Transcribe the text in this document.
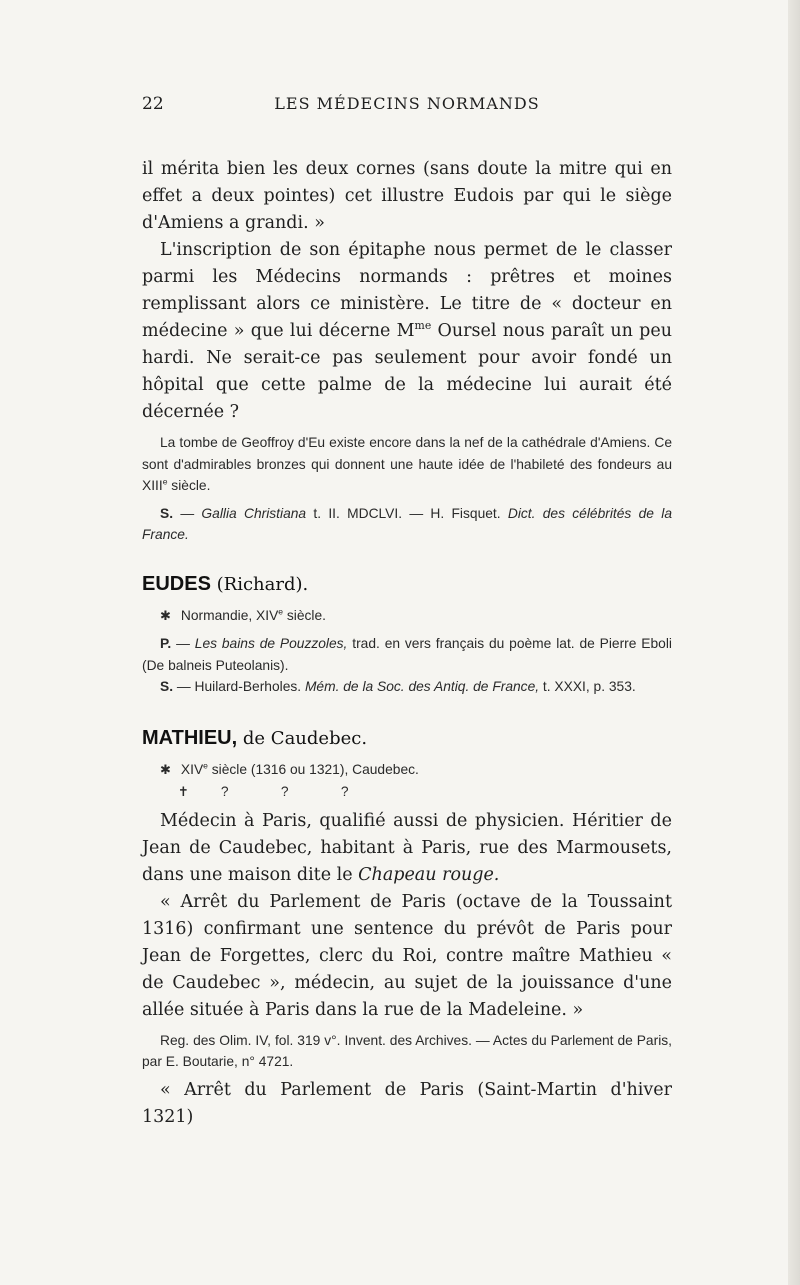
22	LES MÉDECINS NORMANDS

il mérita bien les deux cornes (sans doute la mitre qui en effet a deux pointes) cet illustre Eudois par qui le siège d'Amiens a grandi. »

L'inscription de son épitaphe nous permet de le classer parmi les Médecins normands : prêtres et moines remplissant alors ce ministère. Le titre de « docteur en médecine » que lui décerne $M^{me}$ Oursel nous paraît un peu hardi. Ne serait-ce pas seulement pour avoir fondé un hôpital que cette palme de la médecine lui aurait été décernée ?

La tombe de Geoffroy d'Eu existe encore dans la nef de la cathédrale d'Amiens. Ce sont d'admirables bronzes qui donnent une haute idée de l'habileté des fondeurs au XIIIe siècle.

S. — Gallia Christiana t. II. MDCLVI. — H. Fisquet. Dict. des célébrités de la France.

EUDES (Richard).

✱ Normandie, XIVe siècle.

P. — Les bains de Pouzzoles, trad. en vers français du poème lat. de Pierre Eboli (De balneis Puteolanis).

S. — Huilard-Berholes. Mém. de la Soc. des Antiq. de France, t. XXXI, p. 353.

MATHIEU, de Caudebec.

✱ XIVe siècle (1316 ou 1321), Caudebec.

✝ ?	?	?

Médecin à Paris, qualifié aussi de physicien. Héritier de Jean de Caudebec, habitant à Paris, rue des Marmousets, dans une maison dite le Chapeau rouge.

« Arrêt du Parlement de Paris (octave de la Toussaint 1316) confirmant une sentence du prévôt de Paris pour Jean de Forgettes, clerc du Roi, contre maître Mathieu « de Caudebec », médecin, au sujet de la jouissance d'une allée située à Paris dans la rue de la Madeleine. »

Reg. des Olim. IV, fol. 319 v°. Invent. des Archives. — Actes du Parlement de Paris, par E. Boutarie, n° 4721.

« Arrêt du Parlement de Paris (Saint-Martin d'hiver 1321)
